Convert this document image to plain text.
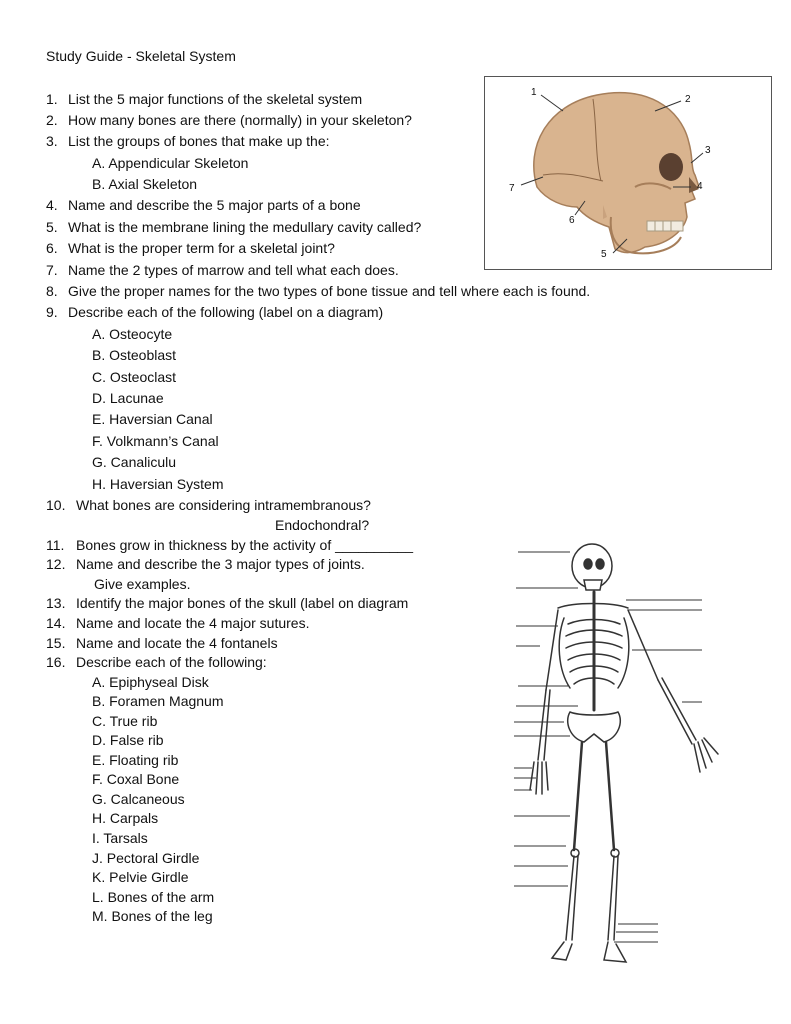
Study Guide - Skeletal System
1. List the 5 major functions of the skeletal system
2. How many bones are there (normally) in your skeleton?
3. List the groups of bones that make up the:
A. Appendicular Skeleton
B. Axial Skeleton
4. Name and describe the 5 major parts of a bone
5. What is the membrane lining the medullary cavity called?
6. What is the proper term for a skeletal joint?
7. Name the 2 types of marrow and tell what each does.
8. Give the proper names for the two types of bone tissue and tell where each is found.
9. Describe each of the following (label on a diagram)
A. Osteocyte
B. Osteoblast
C. Osteoclast
D. Lacunae
E. Haversian Canal
F. Volkmann’s Canal
G. Canaliculu
H. Haversian System
10. What bones are considering intramembranous?
Endochondral?
11. Bones grow in thickness by the activity of __________
12. Name and describe the 3 major types of joints.
Give examples.
13. Identify the major bones of the skull (label on diagram
14. Name and locate the 4 major sutures.
15. Name and locate the 4 fontanels
16. Describe each of the following:
A. Epiphyseal Disk
B. Foramen Magnum
C. True rib
D. False rib
E. Floating rib
F. Coxal Bone
G. Calcaneous
H. Carpals
I. Tarsals
J. Pectoral Girdle
K. Pelvie Girdle
L. Bones of the arm
M. Bones of the leg
1
2
3
4
5
6
7
